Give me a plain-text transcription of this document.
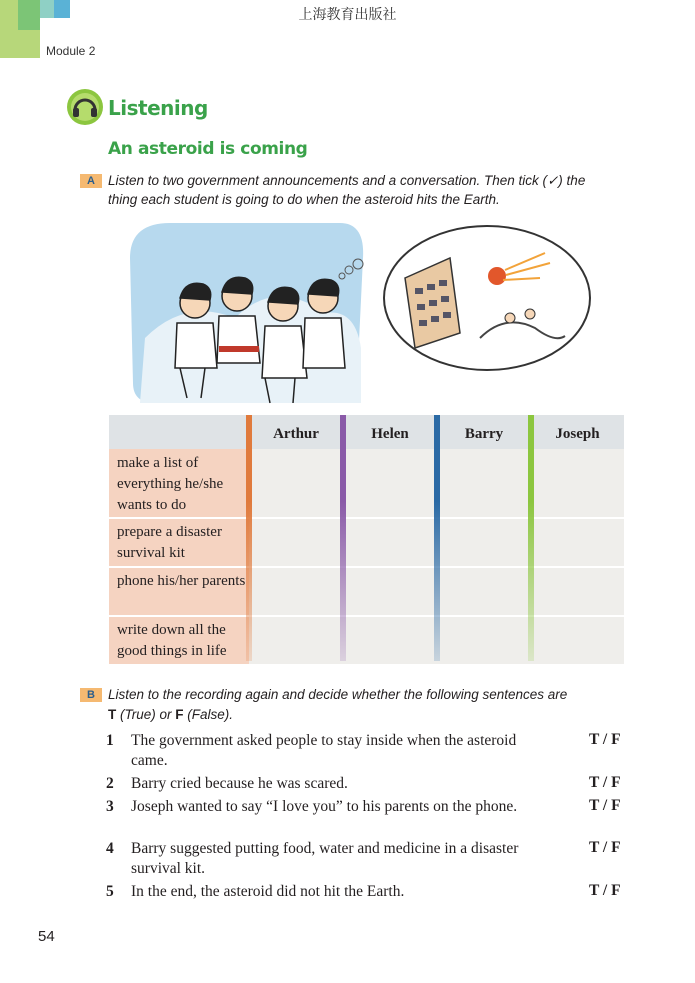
上海教育出版社
Module 2
Listening
An asteroid is coming
A Listen to two government announcements and a conversation. Then tick (✓) the
thing each student is going to do when the asteroid hits the Earth.
Arthur	Helen	Barry	Joseph
make a list of everything he/she wants to do
prepare a disaster survival kit
phone his/her parents
write down all the good things in life
B Listen to the recording again and decide whether the following sentences are
T (True) or F (False).
1 The government asked people to stay inside when the asteroid came.
T / F
2 Barry cried because he was scared.	T / F
3 Joseph wanted to say “I love you” to his parents on the phone.	T / F
4 Barry suggested putting food, water and medicine in a disaster survival kit.
T / F
5 In the end, the asteroid did not hit the Earth.	T / F
54
